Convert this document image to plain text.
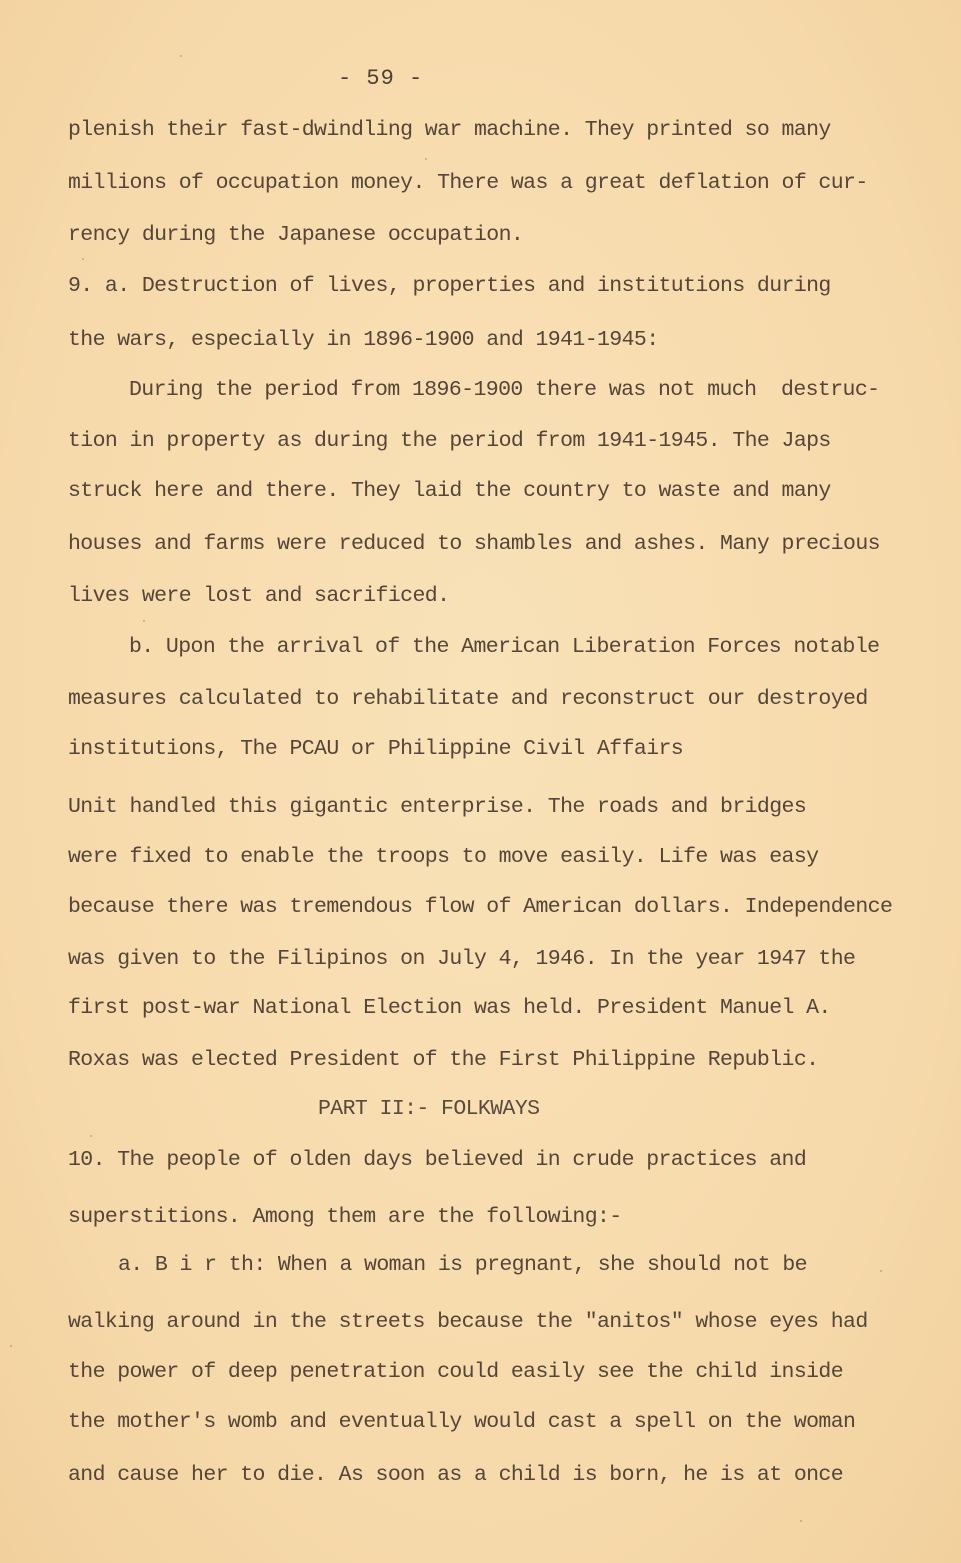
- 59 -
plenish their fast-dwindling war machine. They printed so many
millions of occupation money. There was a great deflation of cur-
rency during the Japanese occupation.
9. a. Destruction of lives, properties and institutions during
the wars, especially in 1896-1900 and 1941-1945:
During the period from 1896-1900 there was not much  destruc-
tion in property as during the period from 1941-1945. The Japs
struck here and there. They laid the country to waste and many
houses and farms were reduced to shambles and ashes. Many precious
lives were lost and sacrificed.
b. Upon the arrival of the American Liberation Forces notable
measures calculated to rehabilitate and reconstruct our destroyed
institutions, The PCAU or Philippine Civil Affairs
Unit handled this gigantic enterprise. The roads and bridges
were fixed to enable the troops to move easily. Life was easy
because there was tremendous flow of American dollars. Independence
was given to the Filipinos on July 4, 1946. In the year 1947 the
first post-war National Election was held. President Manuel A.
Roxas was elected President of the First Philippine Republic.
PART II:- FOLKWAYS
10. The people of olden days believed in crude practices and
superstitions. Among them are the following:-
a. B i r th: When a woman is pregnant, she should not be
walking around in the streets because the "anitos" whose eyes had
the power of deep penetration could easily see the child inside
the mother's womb and eventually would cast a spell on the woman
and cause her to die. As soon as a child is born, he is at once
